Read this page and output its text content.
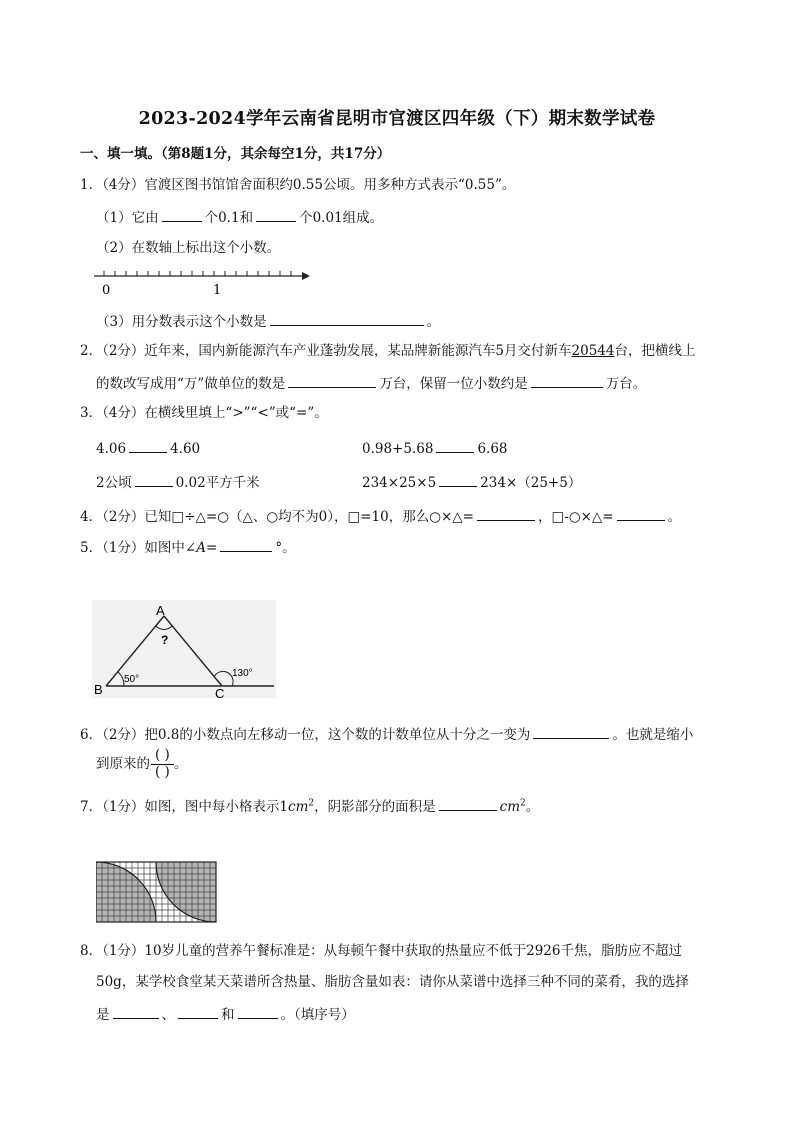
2023-2024学年云南省昆明市官渡区四年级（下）期末数学试卷
一、填一填。（第8题1分，其余每空1分，共17分）
1．（4分）官渡区图书馆馆舍面积约0.55公顷。用多种方式表示“0.55”。
（1）它由	个0.1和	个0.01组成。
（2）在数轴上标出这个小数。
0	1
（3）用分数表示这个小数是	。
2．（2分）近年来，国内新能源汽车产业蓬勃发展，某品牌新能源汽车5月交付新车20544台，把横线上
的数改写成用“万”做单位的数是	万台，保留一位小数约是	万台。
3．（4分）在横线里填上“>”“<”或“=”。
4.06	4.60	0.98+5.68	6.68
2公顷	0.02平方千米	234×25×5	234×（25+5）
4．（2分）已知□÷△=○（△、○均不为0），□=10，那么○×△=	，□-○×△=	。
5．（1分）如图中∠A=	°。
A
B	C
?
50°
130°
6．（2分）把0.8的小数点向左移动一位，这个数的计数单位从十分之一变为	。也就是缩小
到原来的 $\frac{( )}{( )}$ 。
7．（1分）如图，图中每小格表示$1cm^2$，阴影部分的面积是	$cm^2$。
8．（1分）10岁儿童的营养午餐标准是：从每顿午餐中获取的热量应不低于2926千焦，脂肪应不超过
50g，某学校食堂某天菜谱所含热量、脂肪含量如表：请你从菜谱中选择三种不同的菜肴，我的选择
是	、	和	。（填序号）
